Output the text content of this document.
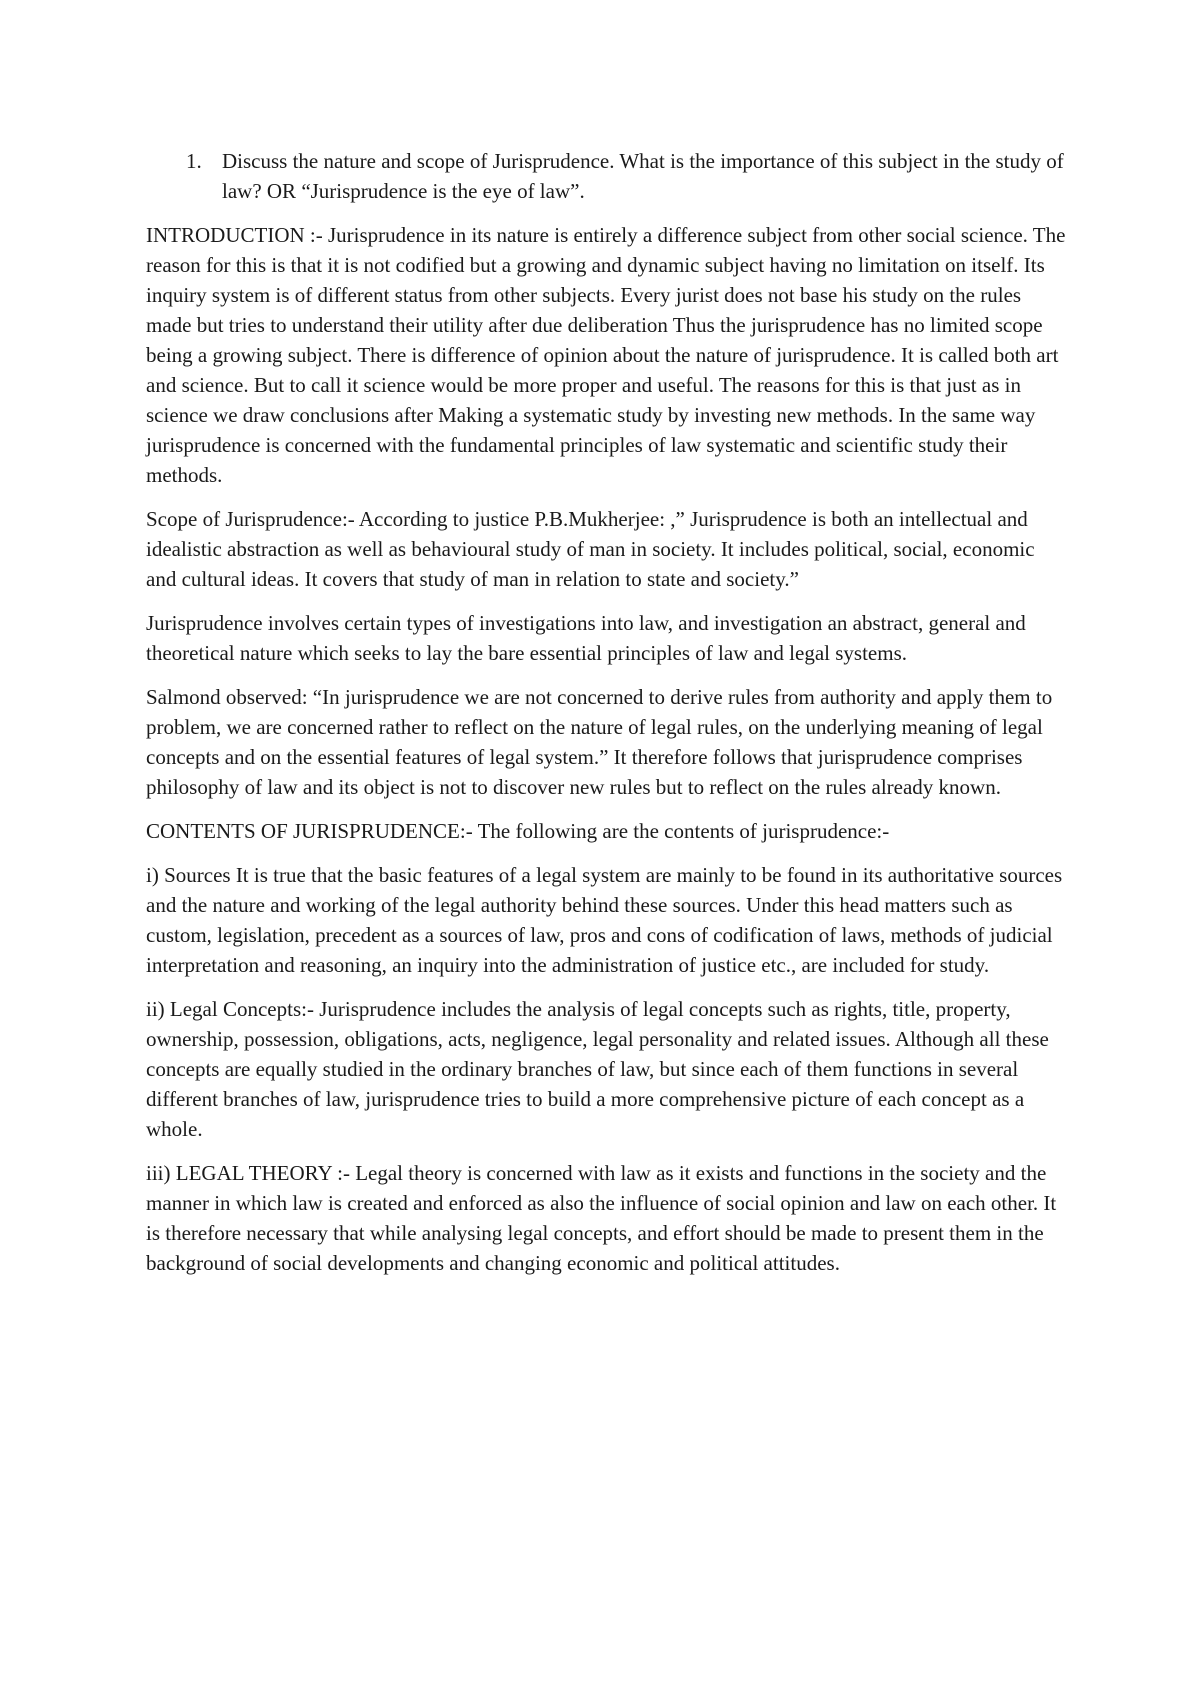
1. Discuss the nature and scope of Jurisprudence. What is the importance of this subject in the study of law? OR “Jurisprudence is the eye of law”.

INTRODUCTION :- Jurisprudence in its nature is entirely a difference subject from other social science. The reason for this is that it is not codified but a growing and dynamic subject having no limitation on itself. Its inquiry system is of different status from other subjects. Every jurist does not base his study on the rules made but tries to understand their utility after due deliberation Thus the jurisprudence has no limited scope being a growing subject. There is difference of opinion about the nature of jurisprudence. It is called both art and science. But to call it science would be more proper and useful. The reasons for this is that just as in science we draw conclusions after Making a systematic study by investing new methods. In the same way jurisprudence is concerned with the fundamental principles of law systematic and scientific study their methods.

Scope of Jurisprudence:- According to justice P.B.Mukherjee: ,” Jurisprudence is both an intellectual and idealistic abstraction as well as behavioural study of man in society. It includes political, social, economic and cultural ideas. It covers that study of man in relation to state and society.”

Jurisprudence involves certain types of investigations into law, and investigation an abstract, general and theoretical nature which seeks to lay the bare essential principles of law and legal systems.

Salmond observed: “In jurisprudence we are not concerned to derive rules from authority and apply them to problem, we are concerned rather to reflect on the nature of legal rules, on the underlying meaning of legal concepts and on the essential features of legal system.” It therefore follows that jurisprudence comprises philosophy of law and its object is not to discover new rules but to reflect on the rules already known.

CONTENTS OF JURISPRUDENCE:- The following are the contents of jurisprudence:-

i) Sources It is true that the basic features of a legal system are mainly to be found in its authoritative sources and the nature and working of the legal authority behind these sources. Under this head matters such as custom, legislation, precedent as a sources of law, pros and cons of codification of laws, methods of judicial interpretation and reasoning, an inquiry into the administration of justice etc., are included for study.

ii) Legal Concepts:- Jurisprudence includes the analysis of legal concepts such as rights, title, property, ownership, possession, obligations, acts, negligence, legal personality and related issues. Although all these concepts are equally studied in the ordinary branches of law, but since each of them functions in several different branches of law, jurisprudence tries to build a more comprehensive picture of each concept as a whole.

iii) LEGAL THEORY :- Legal theory is concerned with law as it exists and functions in the society and the manner in which law is created and enforced as also the influence of social opinion and law on each other. It is therefore necessary that while analysing legal concepts, and effort should be made to present them in the background of social developments and changing economic and political attitudes.
